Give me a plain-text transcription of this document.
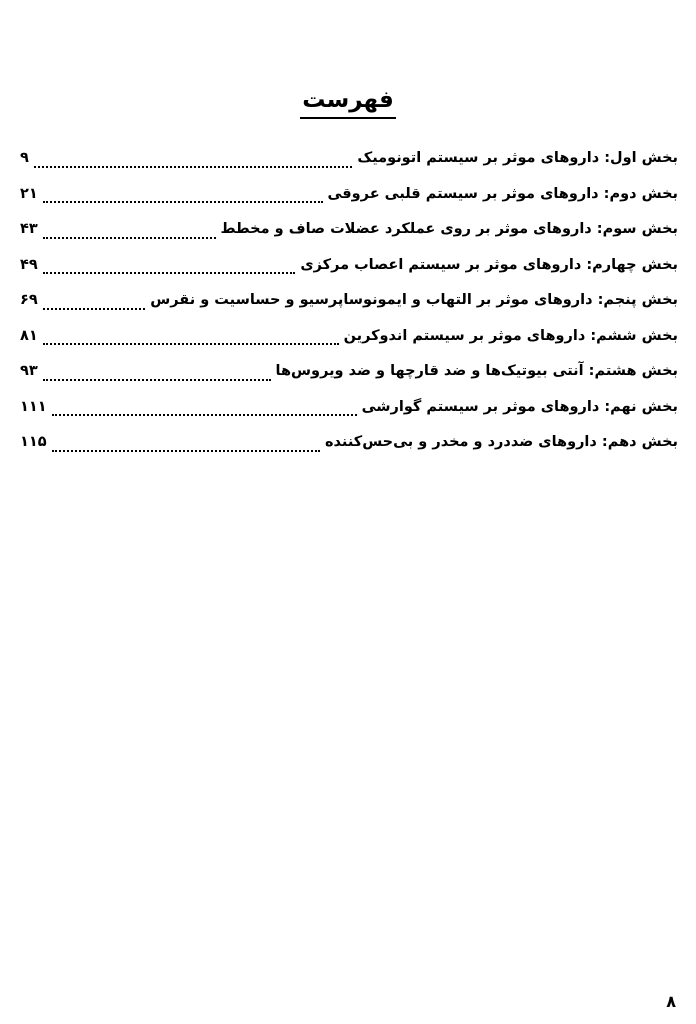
فهرست
بخش اول: داروهای موثر بر سیستم اتونومیک
۹
بخش دوم: داروهای موثر بر سیستم قلبی عروقی
۲۱
بخش سوم: داروهای موثر بر روی عملکرد عضلات صاف و مخطط
۴۳
بخش چهارم: داروهای موثر بر سیستم اعصاب مرکزی
۴۹
بخش پنجم: داروهای موثر بر التهاب و ایمونوساپرسیو و حساسیت و نقرس
۶۹
بخش ششم: داروهای موثر بر سیستم اندوکرین
۸۱
بخش هشتم: آنتی بیوتیک‌ها و ضد قارچها و ضد ویروس‌ها
۹۳
بخش نهم: داروهای موثر بر سیستم گوارشی
۱۱۱
بخش دهم: داروهای ضددرد و مخدر و بی‌حس‌کننده
۱۱۵
۸
